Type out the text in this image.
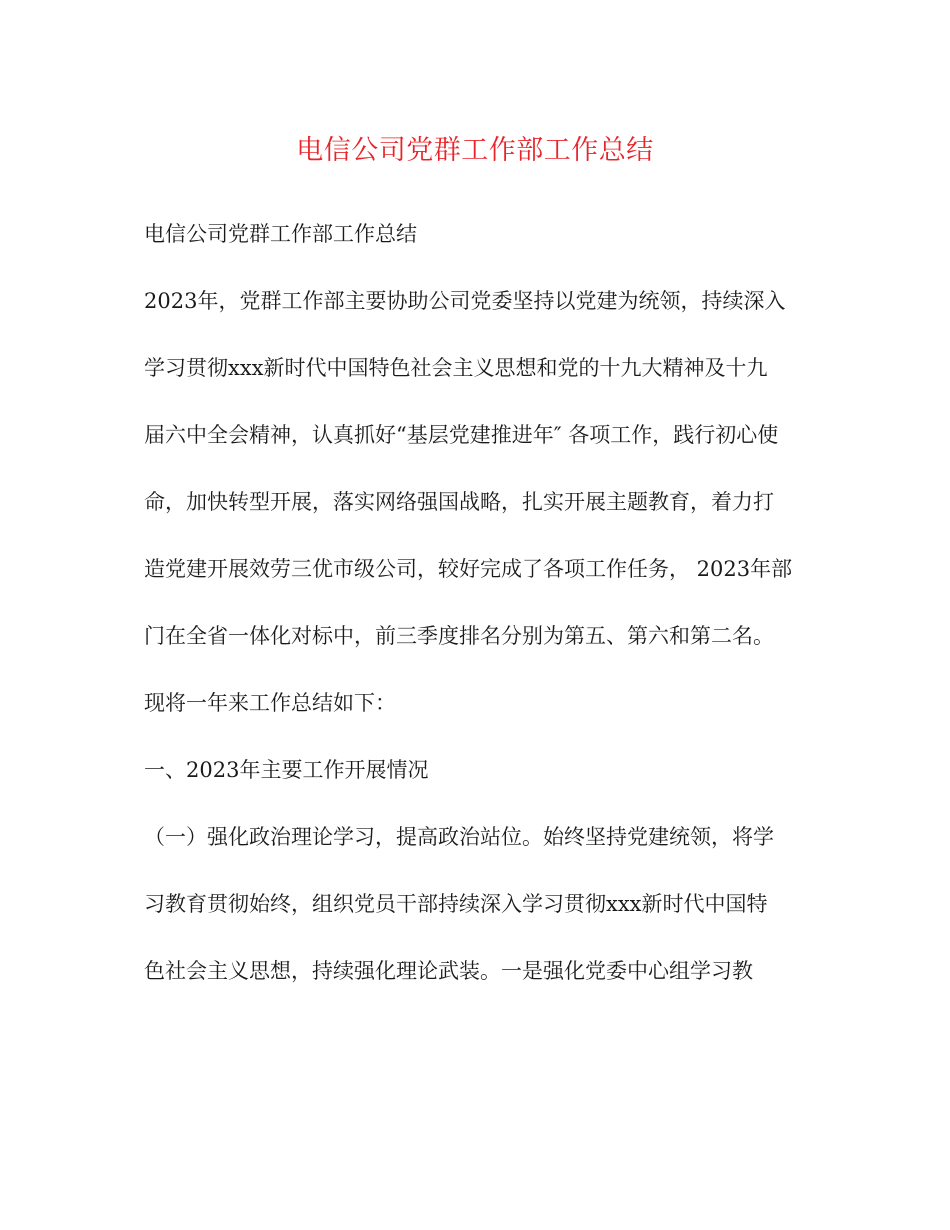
电信公司党群工作部工作总结
电信公司党群工作部工作总结
2023年，党群工作部主要协助公司党委坚持以党建为统领，持续深入
学习贯彻xxx新时代中国特色社会主义思想和党的十九大精神及十九
届六中全会精神，认真抓好“基层党建推进年″ 各项工作，践行初心使
命，加快转型开展，落实网络强国战略，扎实开展主题教育，着力打
造党建开展效劳三优市级公司，较好完成了各项工作任务， 2023年部
门在全省一体化对标中，前三季度排名分别为第五、第六和第二名。
现将一年来工作总结如下：
一、2023年主要工作开展情况
（一）强化政治理论学习，提高政治站位。始终坚持党建统领，将学
习教育贯彻始终，组织党员干部持续深入学习贯彻xxx新时代中国特
色社会主义思想，持续强化理论武装。一是强化党委中心组学习教
